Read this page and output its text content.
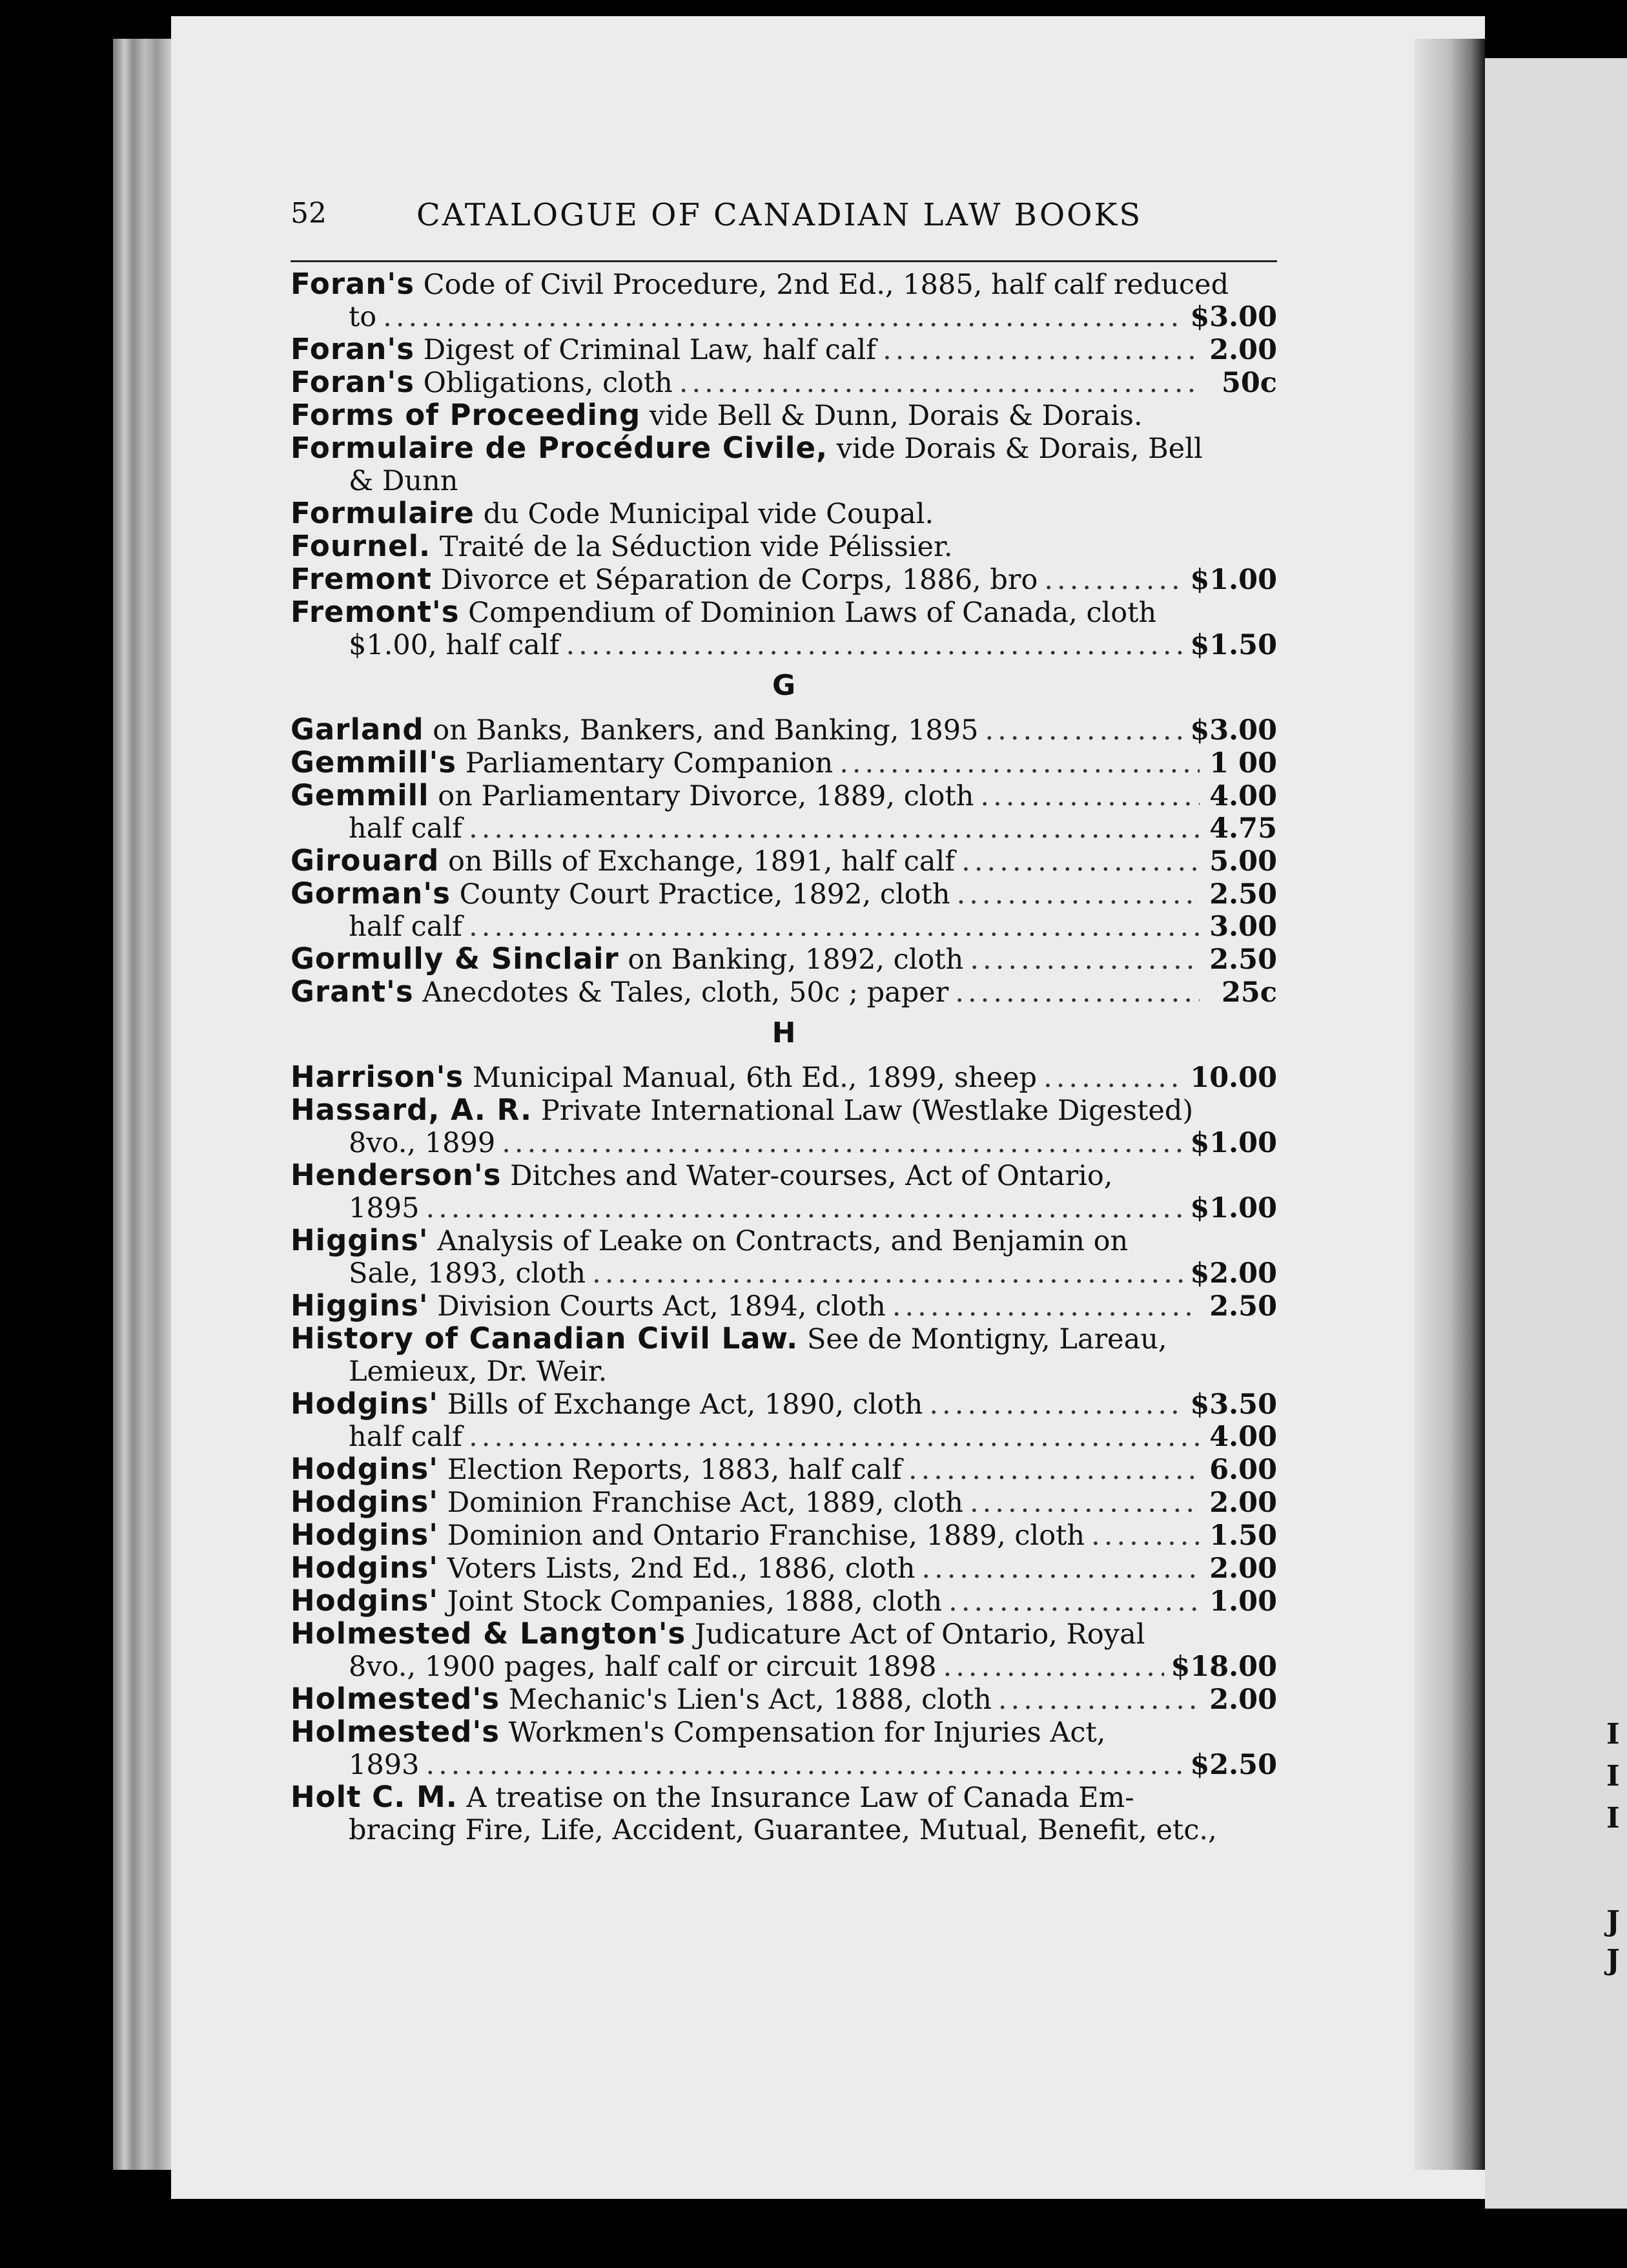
I
I
I
J
J
52	CATALOGUE OF CANADIAN LAW BOOKS
Foran's Code of Civil Procedure, 2nd Ed., 1885, half calf reduced
to .....	$3.00
Foran's Digest of Criminal Law, half calf .....	2.00
Foran's Obligations, cloth .....	50c
Forms of Proceeding vide Bell & Dunn, Dorais & Dorais.
Formulaire de Procédure Civile, vide Dorais & Dorais, Bell
& Dunn
Formulaire du Code Municipal vide Coupal.
Fournel. Traité de la Séduction vide Pélissier.
Fremont Divorce et Séparation de Corps, 1886, bro .....	$1.00
Fremont's Compendium of Dominion Laws of Canada, cloth
$1.00, half calf .....	$1.50
G
Garland on Banks, Bankers, and Banking, 1895 .....	$3.00
Gemmill's Parliamentary Companion .....	1 00
Gemmill on Parliamentary Divorce, 1889, cloth .....	4.00
half calf .....	4.75
Girouard on Bills of Exchange, 1891, half calf .....	5.00
Gorman's County Court Practice, 1892, cloth .....	2.50
half calf .....	3.00
Gormully & Sinclair on Banking, 1892, cloth .....	2.50
Grant's Anecdotes & Tales, cloth, 50c ; paper .....	25c
H
Harrison's Municipal Manual, 6th Ed., 1899, sheep .....	10.00
Hassard, A. R. Private International Law (Westlake Digested)
8vo., 1899 .....	$1.00
Henderson's Ditches and Water-courses, Act of Ontario,
1895 .....	$1.00
Higgins' Analysis of Leake on Contracts, and Benjamin on
Sale, 1893, cloth .....	$2.00
Higgins' Division Courts Act, 1894, cloth .....	2.50
History of Canadian Civil Law. See de Montigny, Lareau,
Lemieux, Dr. Weir.
Hodgins' Bills of Exchange Act, 1890, cloth .....	$3.50
half calf .....	4.00
Hodgins' Election Reports, 1883, half calf .....	6.00
Hodgins' Dominion Franchise Act, 1889, cloth .....	2.00
Hodgins' Dominion and Ontario Franchise, 1889, cloth .....	1.50
Hodgins' Voters Lists, 2nd Ed., 1886, cloth .....	2.00
Hodgins' Joint Stock Companies, 1888, cloth .....	1.00
Holmested & Langton's Judicature Act of Ontario, Royal
8vo., 1900 pages, half calf or circuit 1898 .....	$18.00
Holmested's Mechanic's Lien's Act, 1888, cloth .....	2.00
Holmested's Workmen's Compensation for Injuries Act,
1893 .....	$2.50
Holt C. M. A treatise on the Insurance Law of Canada Em-
bracing Fire, Life, Accident, Guarantee, Mutual, Benefit, etc.,
